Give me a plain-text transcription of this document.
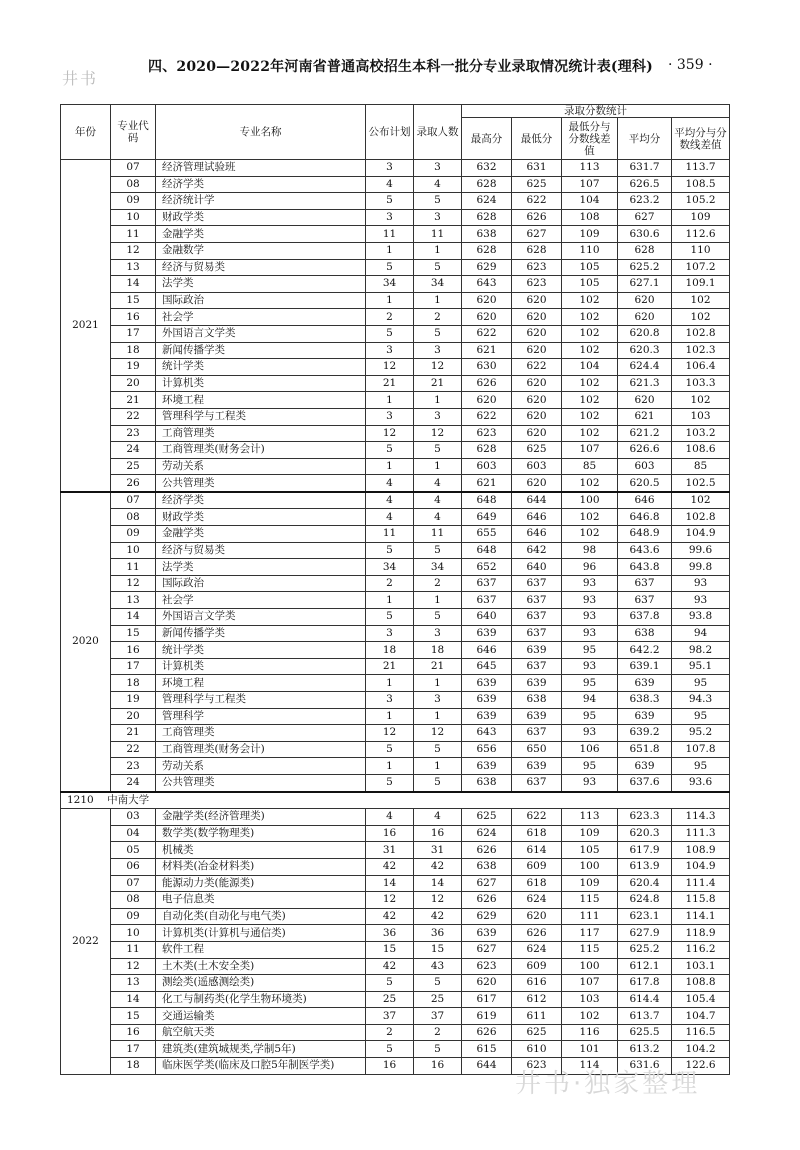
井书
四、2020—2022年河南省普通高校招生本科一批分专业录取情况统计表(理科) · 359 ·
年份	专业代码	专业名称	公布计划	录取人数	录取分数统计				
					最高分	最低分	最低分与分数线差值	平均分	平均分与分数线差值
2021	07	经济管理试验班	3	3	632	631	113	631.7	113.7
	08	经济学类	4	4	628	625	107	626.5	108.5
	09	经济统计学	5	5	624	622	104	623.2	105.2
	10	财政学类	3	3	628	626	108	627	109
	11	金融学类	11	11	638	627	109	630.6	112.6
	12	金融数学	1	1	628	628	110	628	110
	13	经济与贸易类	5	5	629	623	105	625.2	107.2
	14	法学类	34	34	643	623	105	627.1	109.1
	15	国际政治	1	1	620	620	102	620	102
	16	社会学	2	2	620	620	102	620	102
	17	外国语言文学类	5	5	622	620	102	620.8	102.8
	18	新闻传播学类	3	3	621	620	102	620.3	102.3
	19	统计学类	12	12	630	622	104	624.4	106.4
	20	计算机类	21	21	626	620	102	621.3	103.3
	21	环境工程	1	1	620	620	102	620	102
	22	管理科学与工程类	3	3	622	620	102	621	103
	23	工商管理类	12	12	623	620	102	621.2	103.2
	24	工商管理类(财务会计)	5	5	628	625	107	626.6	108.6
	25	劳动关系	1	1	603	603	85	603	85
	26	公共管理类	4	4	621	620	102	620.5	102.5
2020	07	经济学类	4	4	648	644	100	646	102
	08	财政学类	4	4	649	646	102	646.8	102.8
	09	金融学类	11	11	655	646	102	648.9	104.9
	10	经济与贸易类	5	5	648	642	98	643.6	99.6
	11	法学类	34	34	652	640	96	643.8	99.8
	12	国际政治	2	2	637	637	93	637	93
	13	社会学	1	1	637	637	93	637	93
	14	外国语言文学类	5	5	640	637	93	637.8	93.8
	15	新闻传播学类	3	3	639	637	93	638	94
	16	统计学类	18	18	646	639	95	642.2	98.2
	17	计算机类	21	21	645	637	93	639.1	95.1
	18	环境工程	1	1	639	639	95	639	95
	19	管理科学与工程类	3	3	639	638	94	638.3	94.3
	20	管理科学	1	1	639	639	95	639	95
	21	工商管理类	12	12	643	637	93	639.2	95.2
	22	工商管理类(财务会计)	5	5	656	650	106	651.8	107.8
	23	劳动关系	1	1	639	639	95	639	95
	24	公共管理类	5	5	638	637	93	637.6	93.6
1210 中南大学									
2022	03	金融学类(经济管理类)	4	4	625	622	113	623.3	114.3
	04	数学类(数学物理类)	16	16	624	618	109	620.3	111.3
	05	机械类	31	31	626	614	105	617.9	108.9
	06	材料类(冶金材料类)	42	42	638	609	100	613.9	104.9
	07	能源动力类(能源类)	14	14	627	618	109	620.4	111.4
	08	电子信息类	12	12	626	624	115	624.8	115.8
	09	自动化类(自动化与电气类)	42	42	629	620	111	623.1	114.1
	10	计算机类(计算机与通信类)	36	36	639	626	117	627.9	118.9
	11	软件工程	15	15	627	624	115	625.2	116.2
	12	土木类(土木安全类)	42	43	623	609	100	612.1	103.1
	13	测绘类(遥感测绘类)	5	5	620	616	107	617.8	108.8
	14	化工与制药类(化学生物环境类)	25	25	617	612	103	614.4	105.4
	15	交通运输类	37	37	619	611	102	613.7	104.7
	16	航空航天类	2	2	626	625	116	625.5	116.5
	17	建筑类(建筑城规类,学制5年)	5	5	615	610	101	613.2	104.2
	18	临床医学类(临床及口腔5年制医学类)	16	16	644	623	114	631.6	122.6
井书·独家整理
